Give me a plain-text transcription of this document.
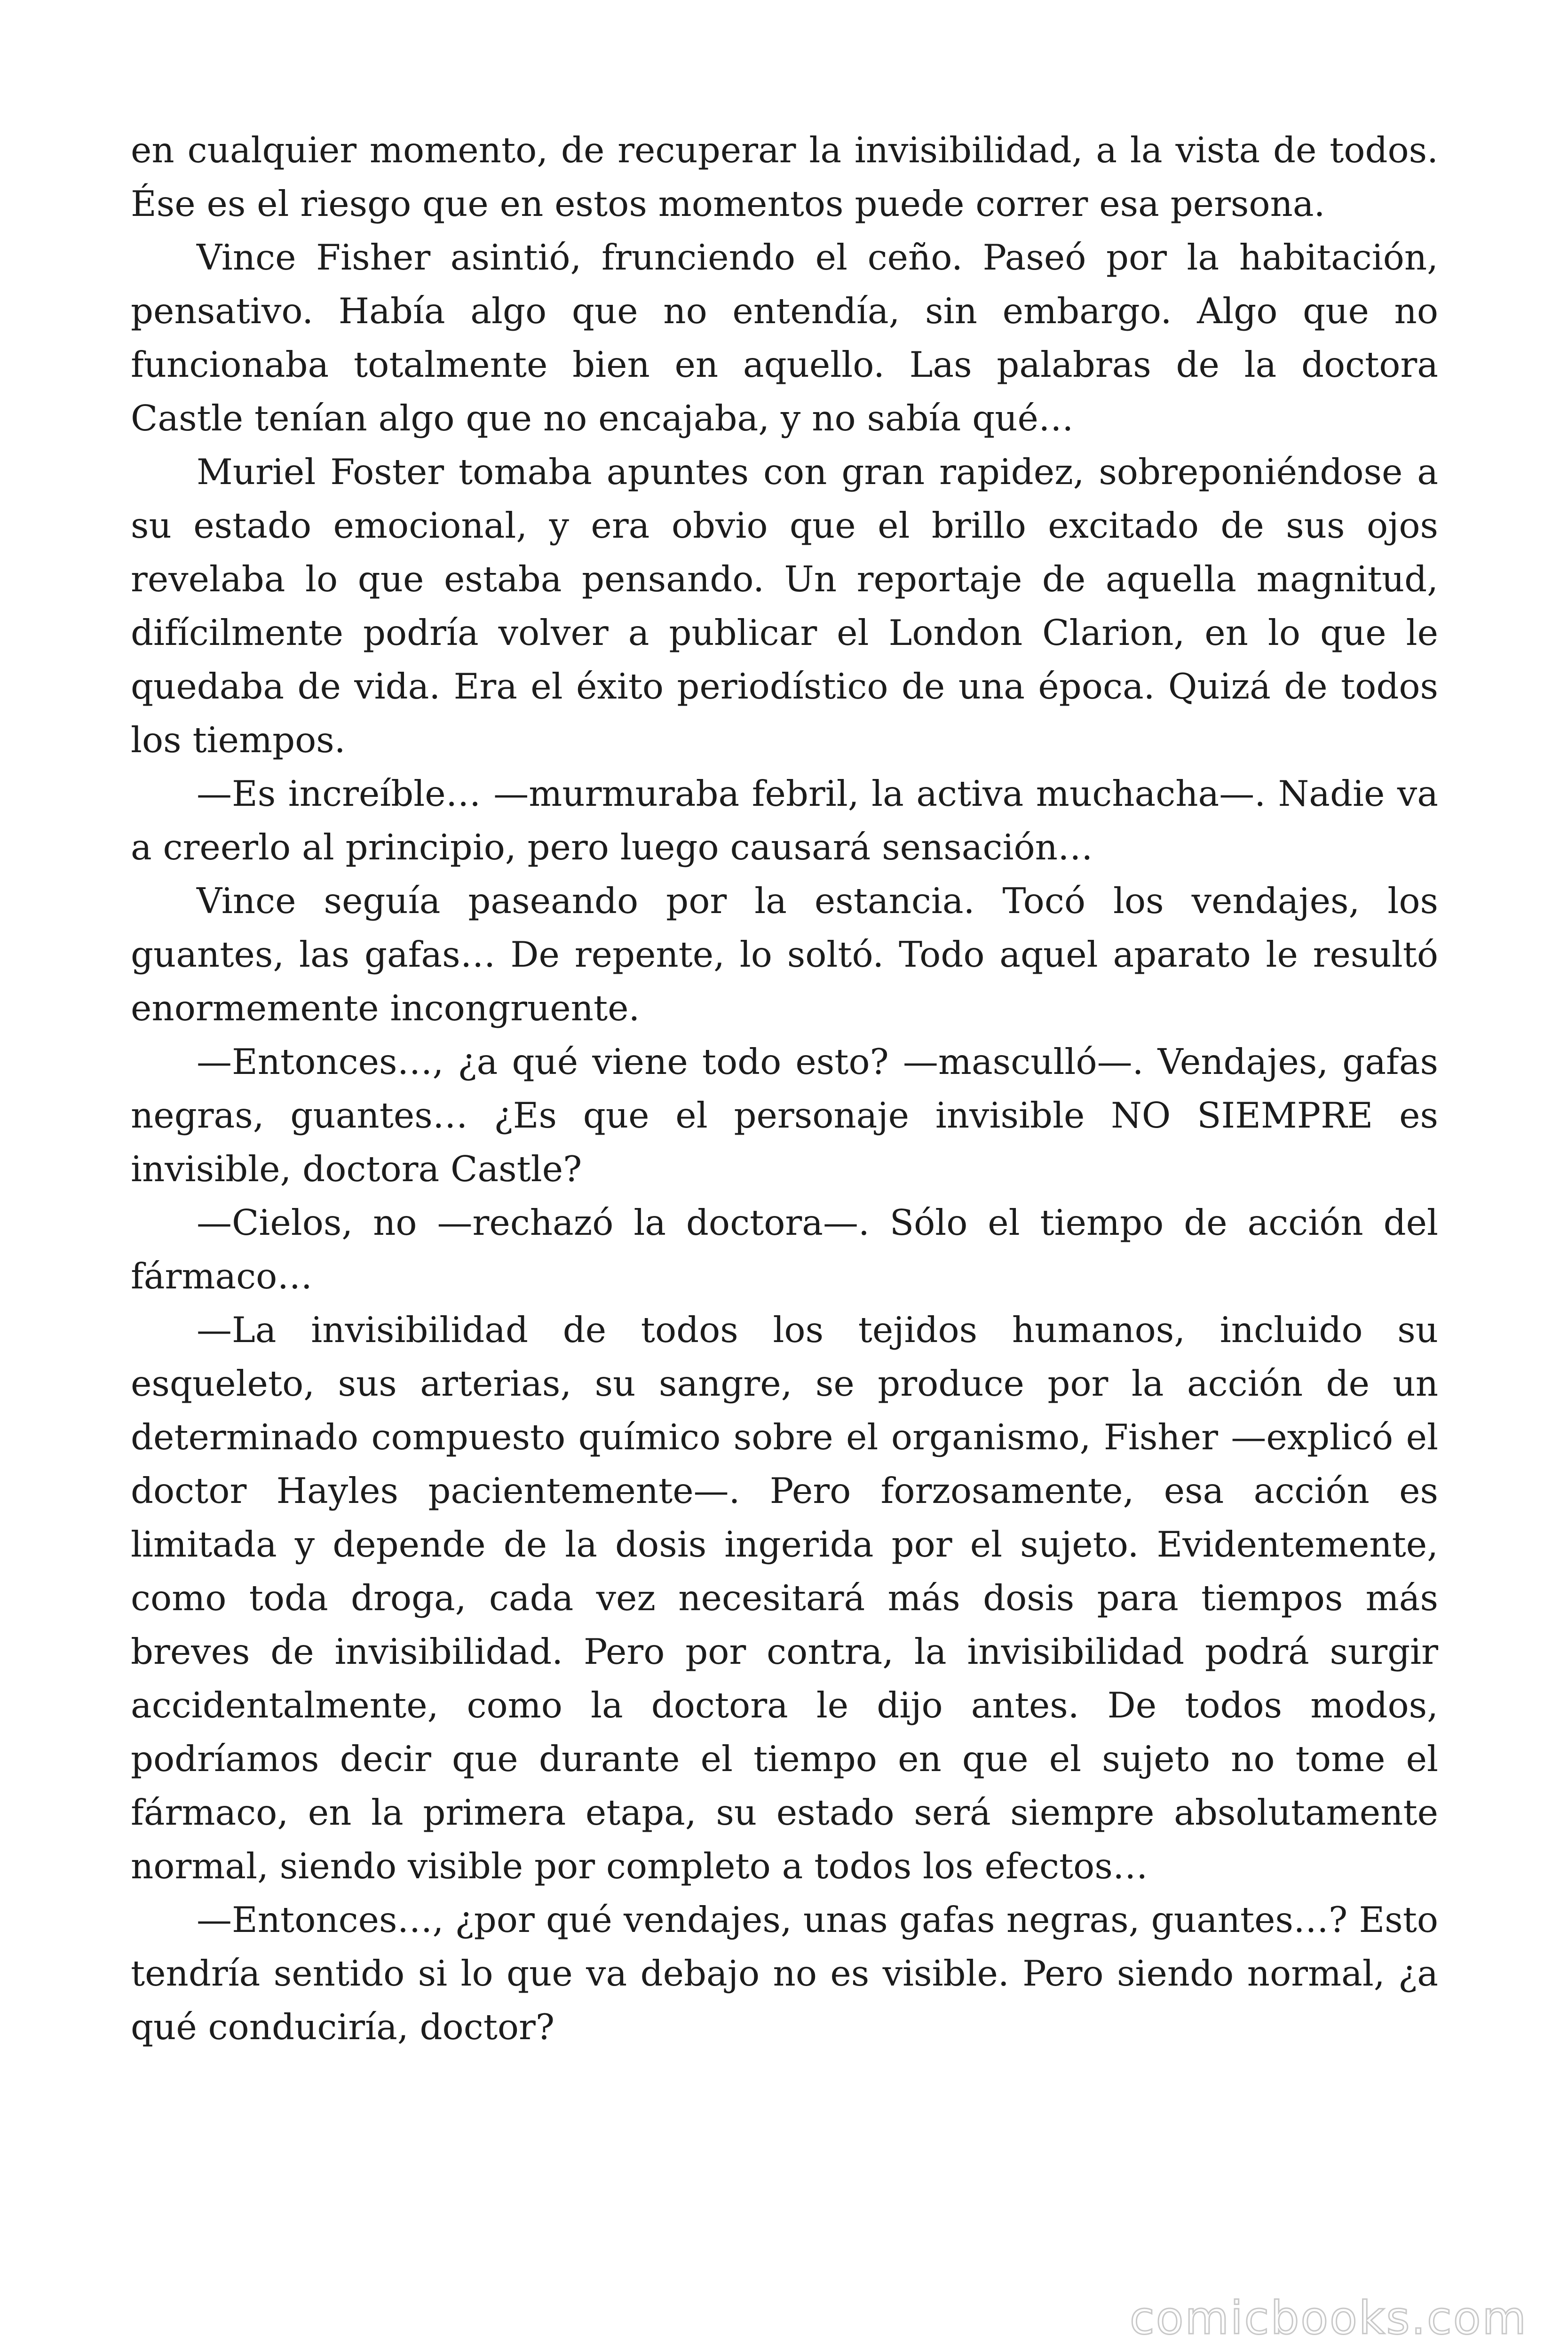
en cualquier momento, de recuperar la invisibilidad, a la vista de todos. Ése es el riesgo que en estos momentos puede correr esa persona.

Vince Fisher asintió, frunciendo el ceño. Paseó por la habitación, pensativo. Había algo que no entendía, sin embargo. Algo que no funcionaba totalmente bien en aquello. Las palabras de la doctora Castle tenían algo que no encajaba, y no sabía qué…

Muriel Foster tomaba apuntes con gran rapidez, sobreponiéndose a su estado emocional, y era obvio que el brillo excitado de sus ojos revelaba lo que estaba pensando. Un reportaje de aquella magnitud, difícilmente podría volver a publicar el London Clarion, en lo que le quedaba de vida. Era el éxito periodístico de una época. Quizá de todos los tiempos.

—Es increíble… —murmuraba febril, la activa muchacha—. Nadie va a creerlo al principio, pero luego causará sensación…

Vince seguía paseando por la estancia. Tocó los vendajes, los guantes, las gafas… De repente, lo soltó. Todo aquel aparato le resultó enormemente incongruente.

—Entonces…, ¿a qué viene todo esto? —masculló—. Vendajes, gafas negras, guantes… ¿Es que el personaje invisible NO SIEMPRE es invisible, doctora Castle?

—Cielos, no —rechazó la doctora—. Sólo el tiempo de acción del fármaco…

—La invisibilidad de todos los tejidos humanos, incluido su esqueleto, sus arterias, su sangre, se produce por la acción de un determinado compuesto químico sobre el organismo, Fisher —explicó el doctor Hayles pacientemente—. Pero forzosamente, esa acción es limitada y depende de la dosis ingerida por el sujeto. Evidentemente, como toda droga, cada vez necesitará más dosis para tiempos más breves de invisibilidad. Pero por contra, la invisibilidad podrá surgir accidentalmente, como la doctora le dijo antes. De todos modos, podríamos decir que durante el tiempo en que el sujeto no tome el fármaco, en la primera etapa, su estado será siempre absolutamente normal, siendo visible por completo a todos los efectos…

—Entonces…, ¿por qué vendajes, unas gafas negras, guantes…? Esto tendría sentido si lo que va debajo no es visible. Pero siendo normal, ¿a qué conduciría, doctor?

comicbooks.com
